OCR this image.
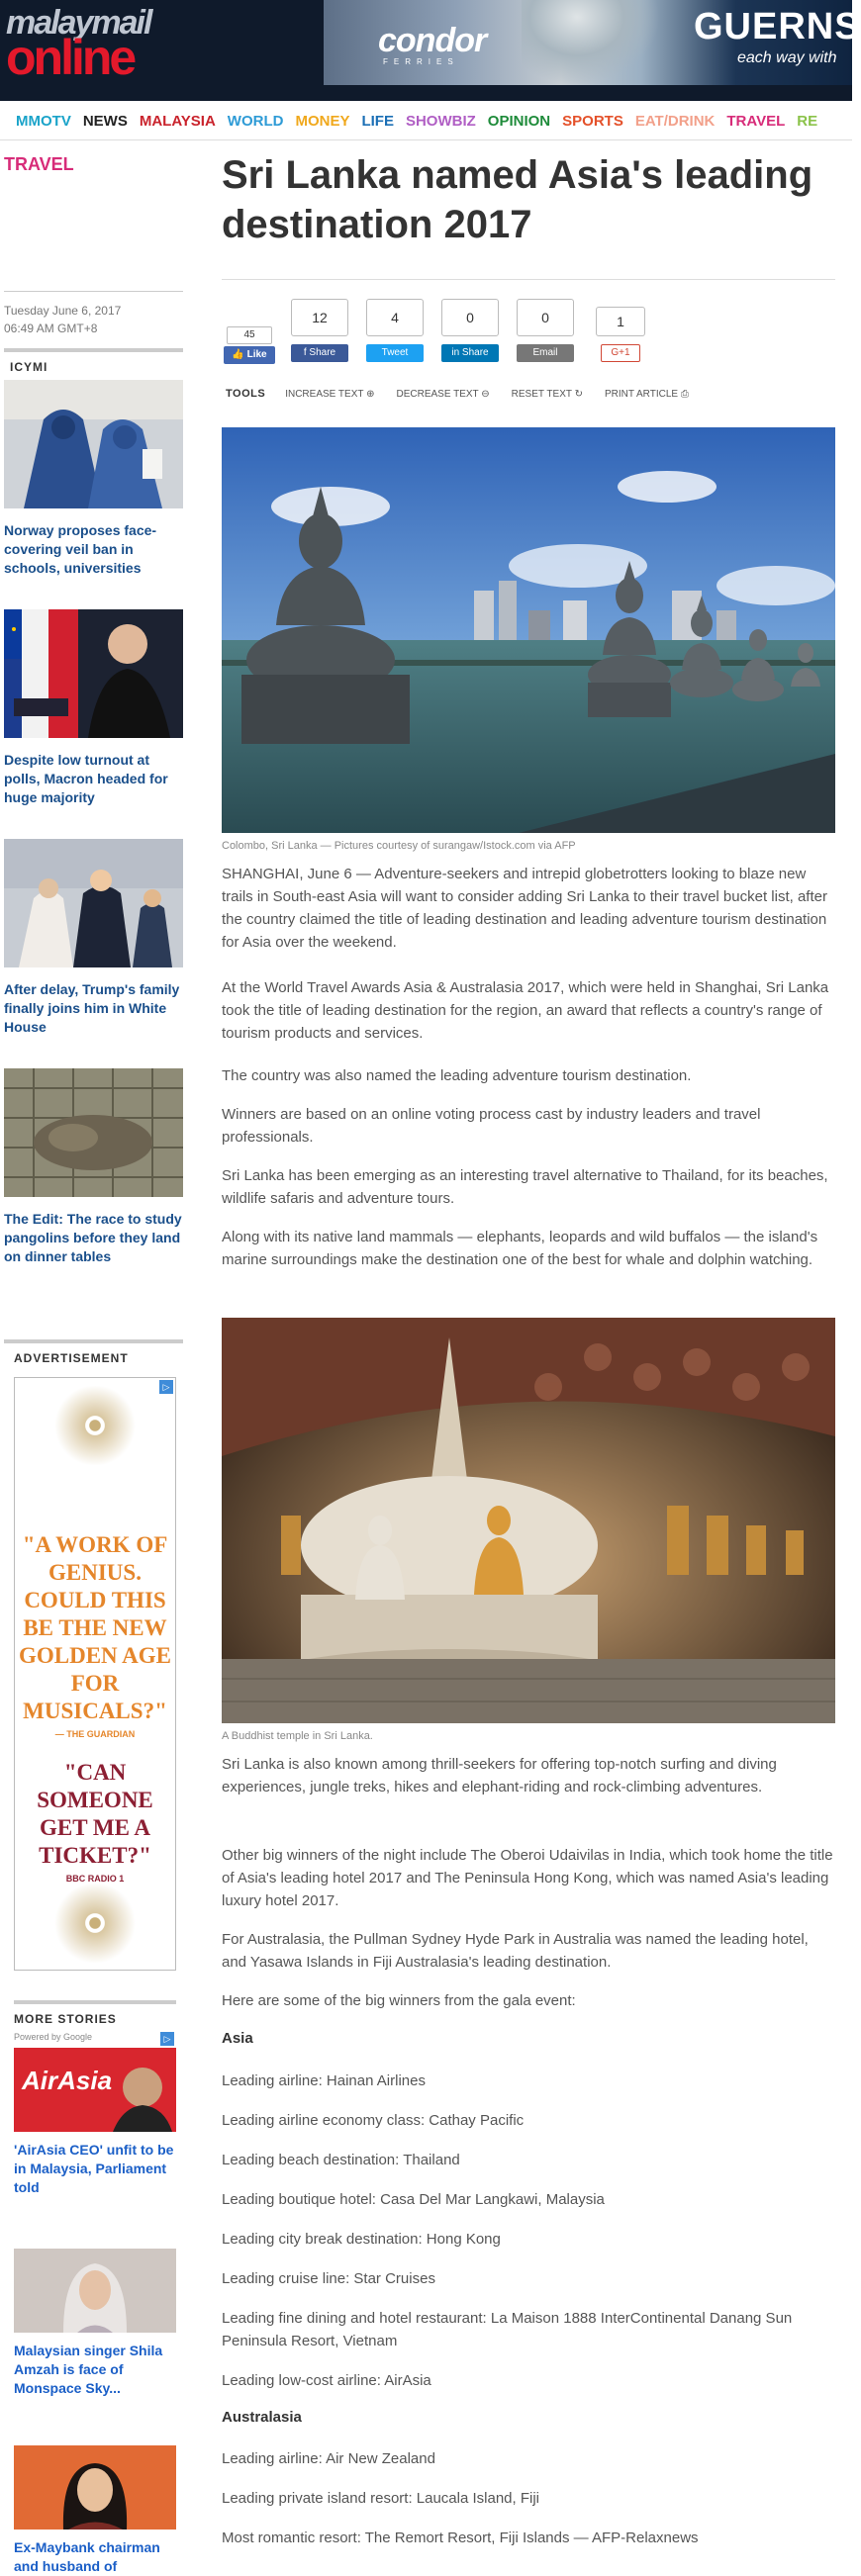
malaymail
online	condor
FERRIES
GUERNS
each way with
MMOTV NEWS MALAYSIA WORLD MONEY LIFE SHOWBIZ OPINION SPORTS EAT/DRINK TRAVEL RE
TRAVEL
Tuesday June 6, 2017
06:49 AM GMT+8
ICYMI
Norway proposes face-covering veil ban in schools, universities
Despite low turnout at polls, Macron headed for huge majority
After delay, Trump's family finally joins him in White House
The Edit: The race to study pangolins before they land on dinner tables
ADVERTISEMENT
▷
"A WORK OF GENIUS. COULD THIS BE THE NEW GOLDEN AGE FOR MUSICALS?"
— THE GUARDIAN
"CAN SOMEONE GET ME A TICKET?"
BBC RADIO 1
MORE STORIES
Powered by Google	▷
AirAsia
'AirAsia CEO' unfit to be in Malaysia, Parliament told
Malaysian singer Shila Amzah is face of Monspace Sky...
Ex-Maybank chairman and husband of
Sri Lanka named Asia's leading destination 2017
45
👍 Like
12
f Share
4
Tweet
0
in Share
0
Email
1
G+1
TOOLS INCREASE TEXT ⊕ DECREASE TEXT ⊖ RESET TEXT ↻ PRINT ARTICLE ⎙
Colombo, Sri Lanka — Pictures courtesy of surangaw/Istock.com via AFP

SHANGHAI, June 6 — Adventure-seekers and intrepid globetrotters looking to blaze new trails in South-east Asia will want to consider adding Sri Lanka to their travel bucket list, after the country claimed the title of leading destination and leading adventure tourism destination for Asia over the weekend.

At the World Travel Awards Asia & Australasia 2017, which were held in Shanghai, Sri Lanka took the title of leading destination for the region, an award that reflects a country's range of tourism products and services.

The country was also named the leading adventure tourism destination.

Winners are based on an online voting process cast by industry leaders and travel professionals.

Sri Lanka has been emerging as an interesting travel alternative to Thailand, for its beaches, wildlife safaris and adventure tours.

Along with its native land mammals — elephants, leopards and wild buffalos — the island's marine surroundings make the destination one of the best for whale and dolphin watching.

A Buddhist temple in Sri Lanka.

Sri Lanka is also known among thrill-seekers for offering top-notch surfing and diving experiences, jungle treks, hikes and elephant-riding and rock-climbing adventures.

Other big winners of the night include The Oberoi Udaivilas in India, which took home the title of Asia's leading hotel 2017 and The Peninsula Hong Kong, which was named Asia's leading luxury hotel 2017.

For Australasia, the Pullman Sydney Hyde Park in Australia was named the leading hotel, and Yasawa Islands in Fiji Australasia's leading destination.

Here are some of the big winners from the gala event:

Asia

Leading airline: Hainan Airlines

Leading airline economy class: Cathay Pacific

Leading beach destination: Thailand

Leading boutique hotel: Casa Del Mar Langkawi, Malaysia

Leading city break destination: Hong Kong

Leading cruise line: Star Cruises

Leading fine dining and hotel restaurant: La Maison 1888 InterContinental Danang Sun Peninsula Resort, Vietnam

Leading low-cost airline: AirAsia

Australasia

Leading airline: Air New Zealand

Leading private island resort: Laucala Island, Fiji

Most romantic resort: The Remort Resort, Fiji Islands — AFP-Relaxnews
